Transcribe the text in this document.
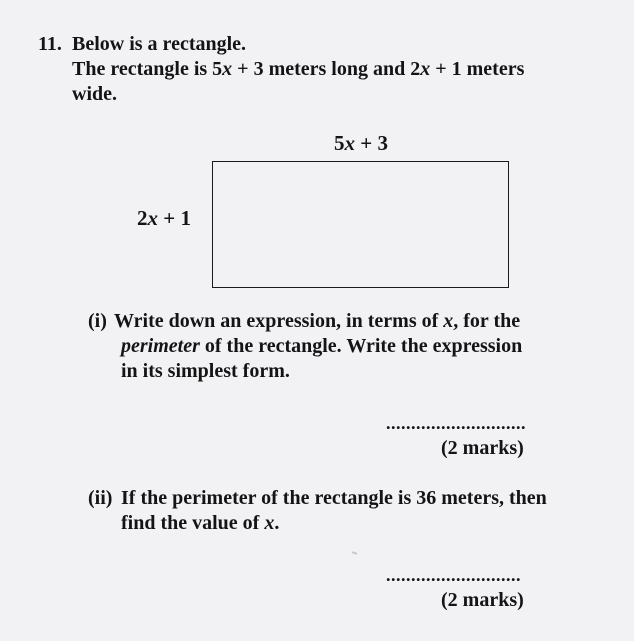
11. Below is a rectangle.
The rectangle is 5x + 3 meters long and 2x + 1 meters
wide.
5x + 3
2x + 1
(i) Write down an expression, in terms of x, for the
perimeter of the rectangle. Write the expression
in its simplest form.
............................
(2 marks)
(ii) If the perimeter of the rectangle is 36 meters, then
find the value of x.
...........................
(2 marks)
